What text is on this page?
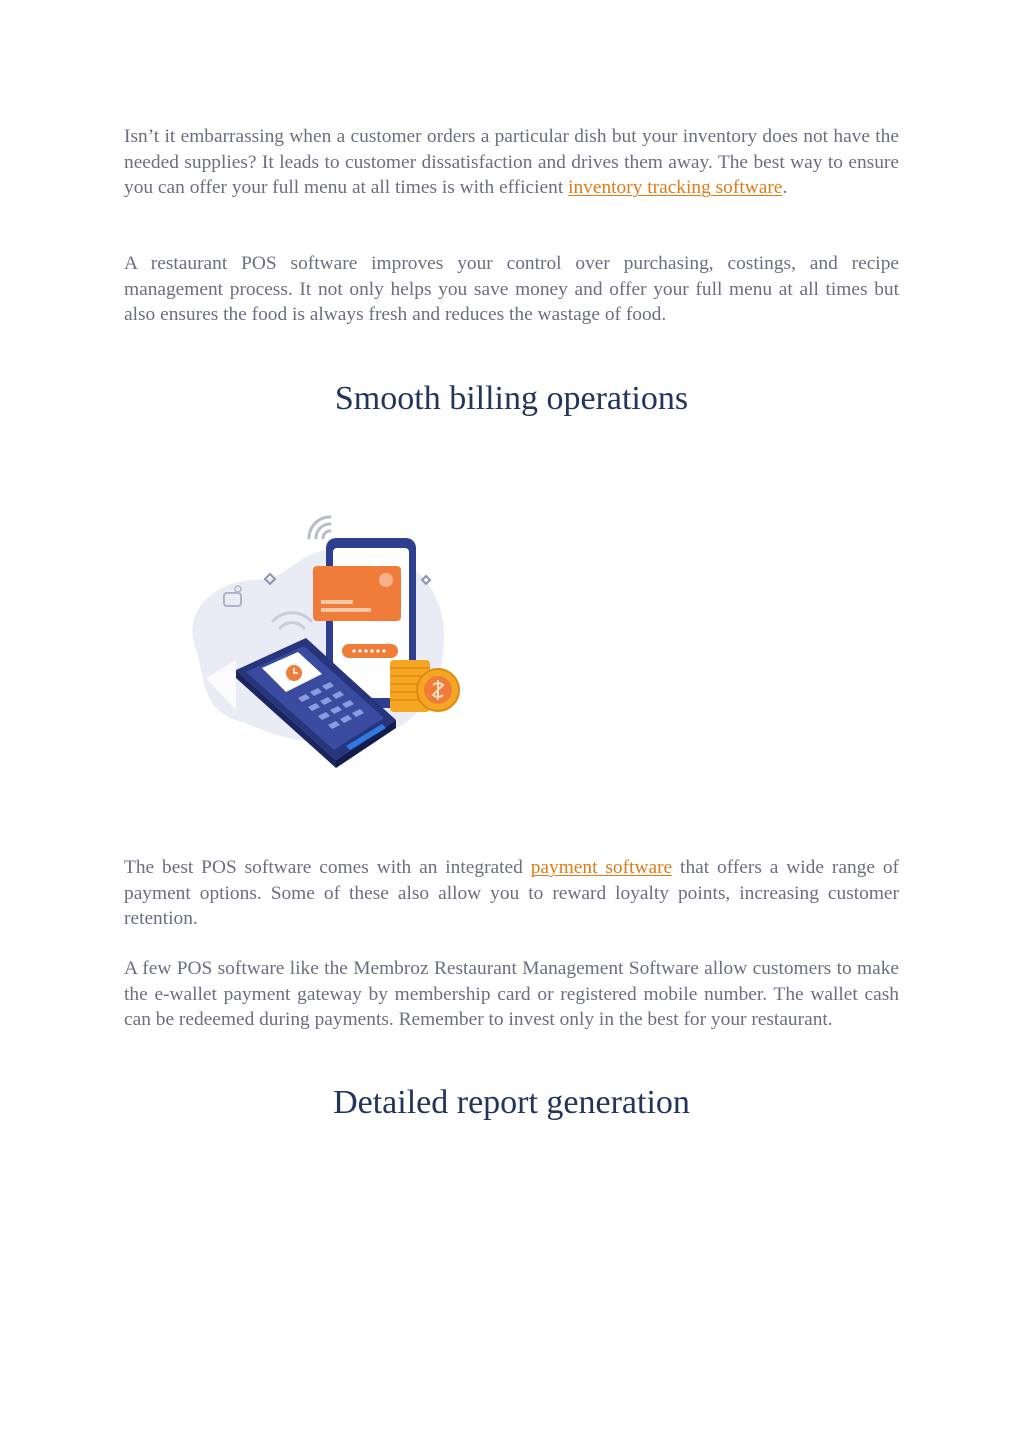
Isn’t it embarrassing when a customer orders a particular dish but your inventory does not have the needed supplies? It leads to customer dissatisfaction and drives them away. The best way to ensure you can offer your full menu at all times is with efficient inventory tracking software.

A restaurant POS software improves your control over purchasing, costings, and recipe management process. It not only helps you save money and offer your full menu at all times but also ensures the food is always fresh and reduces the wastage of food.

Smooth billing operations

The best POS software comes with an integrated payment software that offers a wide range of payment options. Some of these also allow you to reward loyalty points, increasing customer retention.

A few POS software like the Membroz Restaurant Management Software allow customers to make the e-wallet payment gateway by membership card or registered mobile number. The wallet cash can be redeemed during payments. Remember to invest only in the best for your restaurant.

Detailed report generation
